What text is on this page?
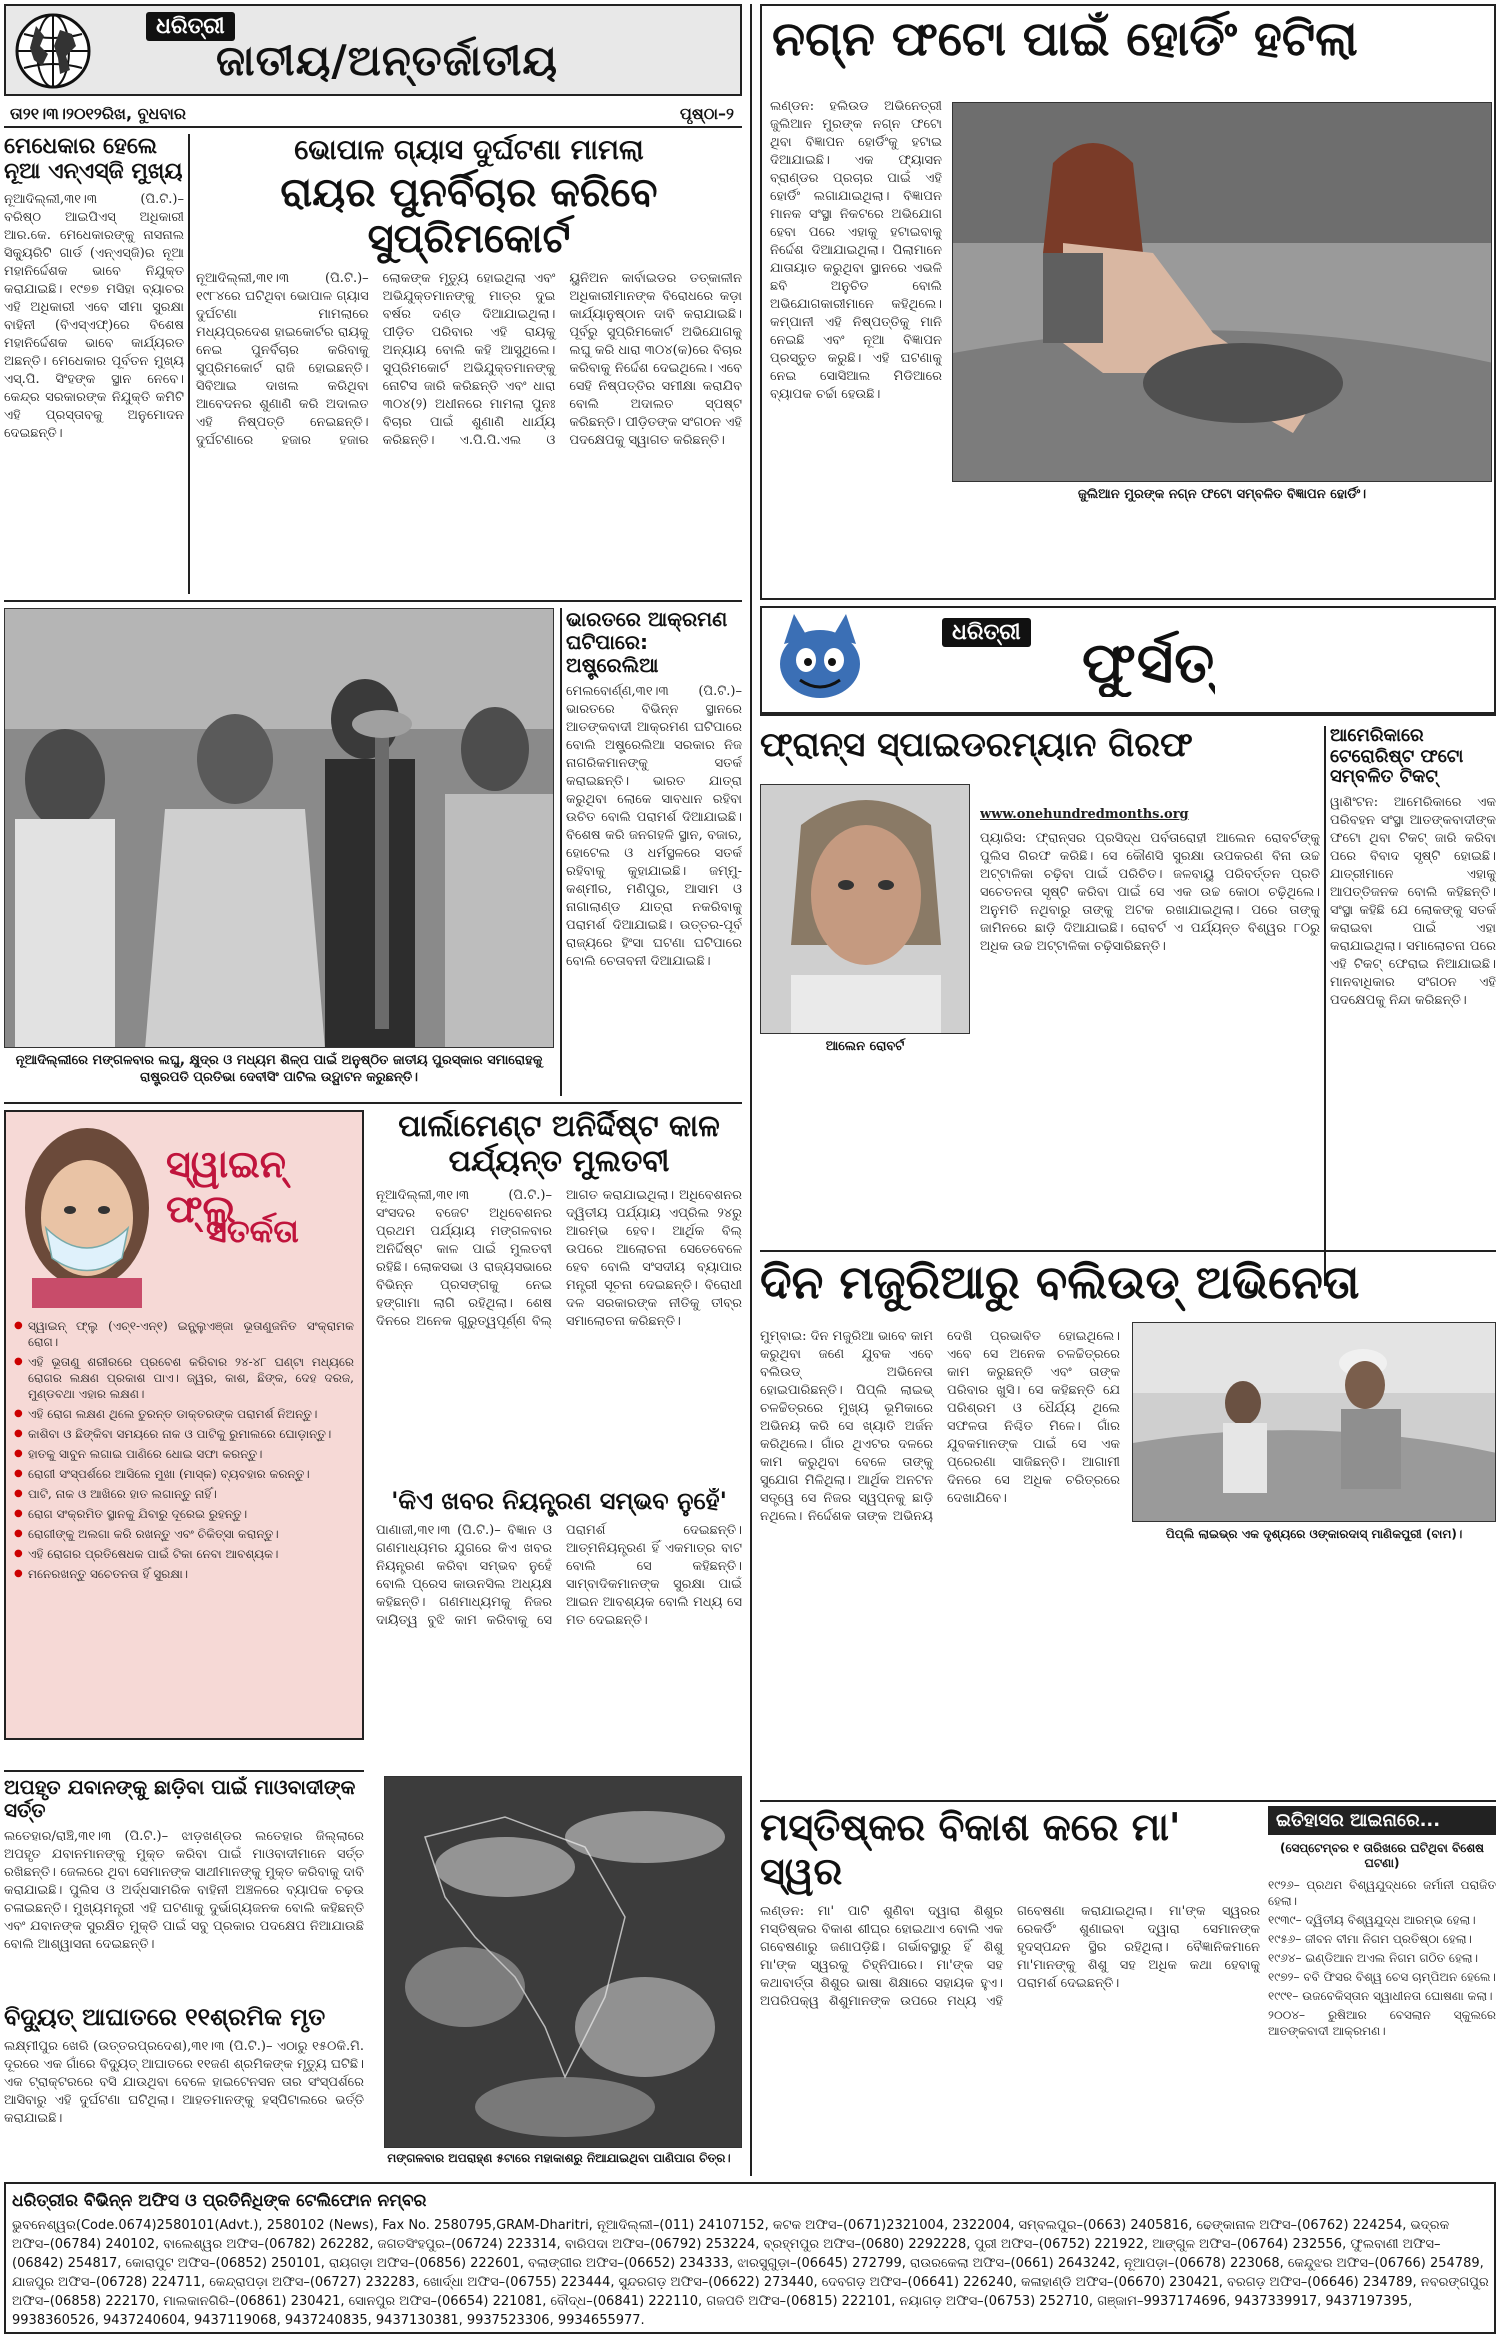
ଧରିତ୍ରୀ
ଜାତୀୟ/ଅନ୍ତର୍ଜାତୀୟ
ତା୨୧।୩।୨୦୧୨ରିଖ, ବୁଧବାର	ପୃଷ୍ଠା–୨
ମେଧେକାର ହେଲେ ନୂଆ ଏନ୍ଏସ୍ଜି ମୁଖ୍ୟ
ନୂଆଦିଲ୍ଲୀ,୩୧।୩ (ପି.ଟି.)– ବରିଷ୍ଠ ଆଇପିଏସ୍ ଅଧିକାରୀ ଆର.କେ. ମେଧେକାରଙ୍କୁ ନାସନାଲ ସିକ୍ୟୁରିଟି ଗାର୍ଡ (ଏନ୍ଏସ୍ଜି)ର ନୂଆ ମହାନିର୍ଦ୍ଦେଶକ ଭାବେ ନିଯୁକ୍ତ କରାଯାଇଛି। ୧୯୭୭ ମସିହା ବ୍ୟାଚର ଏହି ଅଧିକାରୀ ଏବେ ସୀମା ସୁରକ୍ଷା ବାହିନୀ (ବିଏସ୍ଏଫ୍)ରେ ବିଶେଷ ମହାନିର୍ଦ୍ଦେଶକ ଭାବେ କାର୍ଯ୍ୟରତ ଅଛନ୍ତି। ମେଧେକାର ପୂର୍ବତନ ମୁଖ୍ୟ ଏସ୍.ପି. ସିଂହଙ୍କ ସ୍ଥାନ ନେବେ। କେନ୍ଦ୍ର ସରକାରଙ୍କ ନିଯୁକ୍ତି କମିଟି ଏହି ପ୍ରସ୍ତାବକୁ ଅନୁମୋଦନ ଦେଇଛନ୍ତି।
ଭୋପାଳ ଗ୍ୟାସ ଦୁର୍ଘଟଣା ମାମଲା
ରାୟର ପୁନର୍ବିଚାର କରିବେ ସୁପ୍ରିମକୋର୍ଟ
ନୂଆଦିଲ୍ଲୀ,୩୧।୩ (ପି.ଟି.)– ୧୯୮୪ରେ ଘଟିଥିବା ଭୋପାଳ ଗ୍ୟାସ ଦୁର୍ଘଟଣା ମାମଲାରେ ମଧ୍ୟପ୍ରଦେଶ ହାଇକୋର୍ଟର ରାୟକୁ ନେଇ ପୁନର୍ବିଚାର କରିବାକୁ ସୁପ୍ରିମକୋର୍ଟ ରାଜି ହୋଇଛନ୍ତି। ସିବିଆଇ ଦାଖଲ କରିଥିବା ଆବେଦନର ଶୁଣାଣି କରି ଅଦାଲତ ଏହି ନିଷ୍ପତ୍ତି ନେଇଛନ୍ତି। ଦୁର୍ଘଟଣାରେ ହଜାର ହଜାର ଲୋକଙ୍କ ମୃତ୍ୟୁ ହୋଇଥିଲା ଏବଂ ଅଭିଯୁକ୍ତମାନଙ୍କୁ ମାତ୍ର ଦୁଇ ବର୍ଷର ଦଣ୍ଡ ଦିଆଯାଇଥିଲା। ପୀଡ଼ିତ ପରିବାର ଏହି ରାୟକୁ ଅନ୍ୟାୟ ବୋଲି କହି ଆସୁଥିଲେ। ସୁପ୍ରିମକୋର୍ଟ ଅଭିଯୁକ୍ତମାନଙ୍କୁ ନୋଟିସ ଜାରି କରିଛନ୍ତି ଏବଂ ଧାରା ୩୦୪(୨) ଅଧୀନରେ ମାମଲା ପୁନଃ ବିଚାର ପାଇଁ ଶୁଣାଣି ଧାର୍ଯ୍ୟ କରିଛନ୍ତି। ଏ.ପି.ପି.ଏଲ ଓ ୟୁନିଅନ କାର୍ବାଇଡର ତତ୍କାଳୀନ ଅଧିକାରୀମାନଙ୍କ ବିରୋଧରେ କଡ଼ା କାର୍ଯ୍ୟାନୁଷ୍ଠାନ ଦାବି କରାଯାଇଛି। ପୂର୍ବରୁ ସୁପ୍ରିମକୋର୍ଟ ଅଭିଯୋଗକୁ ଲଘୁ କରି ଧାରା ୩୦୪(କ)ରେ ବିଚାର କରିବାକୁ ନିର୍ଦ୍ଦେଶ ଦେଇଥିଲେ। ଏବେ ସେହି ନିଷ୍ପତ୍ତିର ସମୀକ୍ଷା କରାଯିବ ବୋଲି ଅଦାଲତ ସ୍ପଷ୍ଟ କରିଛନ୍ତି। ପୀଡ଼ିତଙ୍କ ସଂଗଠନ ଏହି ପଦକ୍ଷେପକୁ ସ୍ୱାଗତ କରିଛନ୍ତି।
ନୂଆଦିଲ୍ଲୀରେ ମଙ୍ଗଳବାର ଲଘୁ, କ୍ଷୁଦ୍ର ଓ ମଧ୍ୟମ ଶିଳ୍ପ ପାଇଁ ଅନୁଷ୍ଠିତ ଜାତୀୟ ପୁରସ୍କାର ସମାରୋହକୁ ରାଷ୍ଟ୍ରପତି ପ୍ରତିଭା ଦେବୀସିଂ ପାଟିଲ ଉଦ୍ଘାଟନ କରୁଛନ୍ତି।
ଭାରତରେ ଆକ୍ରମଣ ଘଟିପାରେ: ଅଷ୍ଟ୍ରେଲିଆ
ମେଲବୋର୍ଣ୍ଣ,୩୧।୩ (ପି.ଟି.)– ଭାରତରେ ବିଭିନ୍ନ ସ୍ଥାନରେ ଆତଙ୍କବାଦୀ ଆକ୍ରମଣ ଘଟିପାରେ ବୋଲି ଅଷ୍ଟ୍ରେଲିଆ ସରକାର ନିଜ ନାଗରିକମାନଙ୍କୁ ସତର୍କ କରାଇଛନ୍ତି। ଭାରତ ଯାତ୍ରା କରୁଥିବା ଲୋକେ ସାବଧାନ ରହିବା ଉଚିତ ବୋଲି ପରାମର୍ଶ ଦିଆଯାଇଛି। ବିଶେଷ କରି ଜନଗହଳି ସ୍ଥାନ, ବଜାର, ହୋଟେଲ ଓ ଧର୍ମସ୍ଥଳରେ ସତର୍କ ରହିବାକୁ କୁହାଯାଇଛି। ଜମ୍ମୁ-କଶ୍ମୀର, ମଣିପୁର, ଆସାମ ଓ ନାଗାଲାଣ୍ଡ ଯାତ୍ରା ନକରିବାକୁ ପରାମର୍ଶ ଦିଆଯାଇଛି। ଉତ୍ତର-ପୂର୍ବ ରାଜ୍ୟରେ ହିଂସା ଘଟଣା ଘଟିପାରେ ବୋଲି ଚେତାବନୀ ଦିଆଯାଇଛି।
ସ୍ୱାଇନ୍ ଫ୍ଲୁ
ସତର୍କତା
● ସ୍ୱାଇନ୍ ଫ୍ଲୁ (ଏଚ୍୧-ଏନ୍୧) ଇନ୍ଫ୍ଲୁଏଞ୍ଜା ଭୂତାଣୁଜନିତ ସଂକ୍ରାମକ ରୋଗ।
● ଏହି ଭୂତାଣୁ ଶରୀରରେ ପ୍ରବେଶ କରିବାର ୨୪-୪୮ ଘଣ୍ଟା ମଧ୍ୟରେ ରୋଗର ଲକ୍ଷଣ ପ୍ରକାଶ ପାଏ। ଜ୍ୱର, କାଶ, ଛିଙ୍କ, ଦେହ ଦରଜ, ମୁଣ୍ଡବଥା ଏହାର ଲକ୍ଷଣ।
● ଏହି ରୋଗ ଲକ୍ଷଣ ଥିଲେ ତୁରନ୍ତ ଡାକ୍ତରଙ୍କ ପରାମର୍ଶ ନିଅନ୍ତୁ।
● କାଶିବା ଓ ଛିଙ୍କିବା ସମୟରେ ନାକ ଓ ପାଟିକୁ ରୁମାଲରେ ଘୋଡ଼ାନ୍ତୁ।
● ହାତକୁ ସାବୁନ ଲଗାଇ ପାଣିରେ ଧୋଇ ସଫା କରନ୍ତୁ।
● ରୋଗୀ ସଂସ୍ପର୍ଶରେ ଆସିଲେ ମୁଖା (ମାସ୍କ) ବ୍ୟବହାର କରନ୍ତୁ।
● ପାଟି, ନାକ ଓ ଆଖିରେ ହାତ ଲଗାନ୍ତୁ ନାହିଁ।
● ରୋଗ ସଂକ୍ରମିତ ସ୍ଥାନକୁ ଯିବାରୁ ଦୂରେଇ ରୁହନ୍ତୁ।
● ରୋଗୀଙ୍କୁ ଅଲଗା କରି ରଖନ୍ତୁ ଏବଂ ଚିକିତ୍ସା କରାନ୍ତୁ।
● ଏହି ରୋଗର ପ୍ରତିଷେଧକ ପାଇଁ ଟିକା ନେବା ଆବଶ୍ୟକ।
● ମନେରଖନ୍ତୁ ସଚେତନତା ହିଁ ସୁରକ୍ଷା।
ପାର୍ଲାମେଣ୍ଟ ଅନିର୍ଦ୍ଦିଷ୍ଟ କାଳ ପର୍ଯ୍ୟନ୍ତ ମୁଲତବୀ
ନୂଆଦିଲ୍ଲୀ,୩୧।୩ (ପି.ଟି.)– ସଂସଦର ବଜେଟ ଅଧିବେଶନର ପ୍ରଥମ ପର୍ଯ୍ୟାୟ ମଙ୍ଗଳବାର ଅନିର୍ଦ୍ଦିଷ୍ଟ କାଳ ପାଇଁ ମୁଲତବୀ ରହିଛି। ଲୋକସଭା ଓ ରାଜ୍ୟସଭାରେ ବିଭିନ୍ନ ପ୍ରସଙ୍ଗକୁ ନେଇ ହଙ୍ଗାମା ଲାଗି ରହିଥିଲା। ଶେଷ ଦିନରେ ଅନେକ ଗୁରୁତ୍ୱପୂର୍ଣ୍ଣ ବିଲ୍ ଆଗତ କରାଯାଇଥିଲା। ଅଧିବେଶନର ଦ୍ୱିତୀୟ ପର୍ଯ୍ୟାୟ ଏପ୍ରିଲ ୨୪ରୁ ଆରମ୍ଭ ହେବ। ଆର୍ଥିକ ବିଲ୍ ଉପରେ ଆଲୋଚନା ସେତେବେଳେ ହେବ ବୋଲି ସଂସଦୀୟ ବ୍ୟାପାର ମନ୍ତ୍ରୀ ସୂଚନା ଦେଇଛନ୍ତି। ବିରୋଧୀ ଦଳ ସରକାରଙ୍କ ନୀତିକୁ ତୀବ୍ର ସମାଲୋଚନା କରିଛନ୍ତି।
'କିଏ ଖବର ନିୟନ୍ତ୍ରଣ ସମ୍ଭବ ନୁହେଁ'
ପାଣାଜୀ,୩୧।୩ (ପି.ଟି.)– ବିଜ୍ଞାନ ଓ ଗଣମାଧ୍ୟମର ଯୁଗରେ କିଏ ଖବର ନିୟନ୍ତ୍ରଣ କରିବା ସମ୍ଭବ ନୁହେଁ ବୋଲି ପ୍ରେସ କାଉନସିଲ ଅଧ୍ୟକ୍ଷ କହିଛନ୍ତି। ଗଣମାଧ୍ୟମକୁ ନିଜର ଦାୟିତ୍ୱ ବୁଝି କାମ କରିବାକୁ ସେ ପରାମର୍ଶ ଦେଇଛନ୍ତି। ଆତ୍ମନିୟନ୍ତ୍ରଣ ହିଁ ଏକମାତ୍ର ବାଟ ବୋଲି ସେ କହିଛନ୍ତି। ସାମ୍ବାଦିକମାନଙ୍କ ସୁରକ୍ଷା ପାଇଁ ଆଇନ ଆବଶ୍ୟକ ବୋଲି ମଧ୍ୟ ସେ ମତ ଦେଇଛନ୍ତି।
ଅପହୃତ ଯବାନଙ୍କୁ ଛାଡ଼ିବା ପାଇଁ ମାଓବାଦୀଙ୍କ ସର୍ତ୍ତ
ଲତେହାର/ରାଞ୍ଚି,୩୧।୩ (ପି.ଟି.)– ଝାଡ଼ଖଣ୍ଡର ଲତେହାର ଜିଲ୍ଲାରେ ଅପହୃତ ଯବାନମାନଙ୍କୁ ମୁକ୍ତ କରିବା ପାଇଁ ମାଓବାଦୀମାନେ ସର୍ତ୍ତ ରଖିଛନ୍ତି। ଜେଲରେ ଥିବା ସେମାନଙ୍କ ସାଥୀମାନଙ୍କୁ ମୁକ୍ତ କରିବାକୁ ଦାବି କରାଯାଇଛି। ପୁଲିସ ଓ ଅର୍ଦ୍ଧସାମରିକ ବାହିନୀ ଅଞ୍ଚଳରେ ବ୍ୟାପକ ଚଢ଼ଉ ଚଳାଇଛନ୍ତି। ମୁଖ୍ୟମନ୍ତ୍ରୀ ଏହି ଘଟଣାକୁ ଦୁର୍ଭାଗ୍ୟଜନକ ବୋଲି କହିଛନ୍ତି ଏବଂ ଯବାନଙ୍କ ସୁରକ୍ଷିତ ମୁକ୍ତି ପାଇଁ ସବୁ ପ୍ରକାର ପଦକ୍ଷେପ ନିଆଯାଉଛି ବୋଲି ଆଶ୍ୱାସନା ଦେଇଛନ୍ତି।
ବିଦ୍ୟୁତ୍ ଆଘାତରେ ୧୧ଶ୍ରମିକ ମୃତ
ଲକ୍ଷ୍ମୀପୁର ଖେରି (ଉତ୍ତରପ୍ରଦେଶ),୩୧।୩ (ପି.ଟି.)– ଏଠାରୁ ୧୫୦କି.ମି. ଦୂରରେ ଏକ ଗାଁରେ ବିଦ୍ୟୁତ୍ ଆଘାତରେ ୧୧ଜଣ ଶ୍ରମିକଙ୍କ ମୃତ୍ୟୁ ଘଟିଛି। ଏକ ଟ୍ରାକ୍ଟରରେ ବସି ଯାଉଥିବା ବେଳେ ହାଇଟେନସନ ତାର ସଂସ୍ପର୍ଶରେ ଆସିବାରୁ ଏହି ଦୁର୍ଘଟଣା ଘଟିଥିଲା। ଆହତମାନଙ୍କୁ ହସ୍ପିଟାଲରେ ଭର୍ତ୍ତି କରାଯାଇଛି।
ମଙ୍ଗଳବାର ଅପରାହ୍ଣ ୫ଟାରେ ମହାକାଶରୁ ନିଆଯାଇଥିବା ପାଣିପାଗ ଚିତ୍ର।
ନଗ୍ନ ଫଟୋ ପାଇଁ ହୋର୍ଡିଂ ହଟିଲା
ଲଣ୍ଡନ: ହଲିଉଡ ଅଭିନେତ୍ରୀ ଜୁଲିଆନ ମୁରଙ୍କ ନଗ୍ନ ଫଟୋ ଥିବା ବିଜ୍ଞାପନ ହୋର୍ଡିଂକୁ ହଟାଇ ଦିଆଯାଇଛି। ଏକ ଫ୍ୟାସନ ବ୍ରାଣ୍ଡର ପ୍ରଚାର ପାଇଁ ଏହି ହୋର୍ଡିଂ ଲଗାଯାଇଥିଲା। ବିଜ୍ଞାପନ ମାନକ ସଂସ୍ଥା ନିକଟରେ ଅଭିଯୋଗ ହେବା ପରେ ଏହାକୁ ହଟାଇବାକୁ ନିର୍ଦ୍ଦେଶ ଦିଆଯାଇଥିଲା। ପିଲାମାନେ ଯାତାୟାତ କରୁଥିବା ସ୍ଥାନରେ ଏଭଳି ଛବି ଅନୁଚିତ ବୋଲି ଅଭିଯୋଗକାରୀମାନେ କହିଥିଲେ। କମ୍ପାନୀ ଏହି ନିଷ୍ପତ୍ତିକୁ ମାନି ନେଇଛି ଏବଂ ନୂଆ ବିଜ୍ଞାପନ ପ୍ରସ୍ତୁତ କରୁଛି। ଏହି ଘଟଣାକୁ ନେଇ ସୋସିଆଲ ମିଡିଆରେ ବ୍ୟାପକ ଚର୍ଚ୍ଚା ହେଉଛି।
ଜୁଲିଆନ ମୁରଙ୍କ ନଗ୍ନ ଫଟୋ ସମ୍ବଳିତ ବିଜ୍ଞାପନ ହୋର୍ଡିଂ।
ଧରିତ୍ରୀ ଫୁର୍ସତ୍
ଫ୍ରାନ୍ସ ସ୍ପାଇଡରମ୍ୟାନ ଗିରଫ
ଆଲେନ ରୋବର୍ଟ
www.onehundredmonths.org
ପ୍ୟାରିସ: ଫ୍ରାନ୍ସର ପ୍ରସିଦ୍ଧ ପର୍ବତାରୋହୀ ଆଲେନ ରୋବର୍ଟଙ୍କୁ ପୁଲିସ ଗିରଫ କରିଛି। ସେ କୌଣସି ସୁରକ୍ଷା ଉପକରଣ ବିନା ଉଚ୍ଚ ଅଟ୍ଟାଳିକା ଚଢ଼ିବା ପାଇଁ ପରିଚିତ। ଜଳବାୟୁ ପରିବର୍ତ୍ତନ ପ୍ରତି ସଚେତନତା ସୃଷ୍ଟି କରିବା ପାଇଁ ସେ ଏକ ଉଚ୍ଚ କୋଠା ଚଢ଼ିଥିଲେ। ଅନୁମତି ନଥିବାରୁ ତାଙ୍କୁ ଅଟକ ରଖାଯାଇଥିଲା। ପରେ ତାଙ୍କୁ ଜାମିନରେ ଛାଡ଼ି ଦିଆଯାଇଛି। ରୋବର୍ଟ ଏ ପର୍ଯ୍ୟନ୍ତ ବିଶ୍ୱର ୮୦ରୁ ଅଧିକ ଉଚ୍ଚ ଅଟ୍ଟାଳିକା ଚଢ଼ିସାରିଛନ୍ତି।
ଆମେରିକାରେ ଟେରୋରିଷ୍ଟ ଫଟୋ ସମ୍ବଳିତ ଟିକଟ୍
ୱାଶିଂଟନ: ଆମେରିକାରେ ଏକ ପରିବହନ ସଂସ୍ଥା ଆତଙ୍କବାଦୀଙ୍କ ଫଟୋ ଥିବା ଟିକଟ୍ ଜାରି କରିବା ପରେ ବିବାଦ ସୃଷ୍ଟି ହୋଇଛି। ଯାତ୍ରୀମାନେ ଏହାକୁ ଆପତ୍ତିଜନକ ବୋଲି କହିଛନ୍ତି। ସଂସ୍ଥା କହିଛି ଯେ ଲୋକଙ୍କୁ ସତର୍କ କରାଇବା ପାଇଁ ଏହା କରାଯାଇଥିଲା। ସମାଲୋଚନା ପରେ ଏହି ଟିକଟ୍ ଫେରାଇ ନିଆଯାଇଛି। ମାନବାଧିକାର ସଂଗଠନ ଏହି ପଦକ୍ଷେପକୁ ନିନ୍ଦା କରିଛନ୍ତି।
ଦିନ ମଜୁରିଆରୁ ବଲିଉଡ୍ ଅଭିନେତା
ମୁମ୍ବାଇ: ଦିନ ମଜୁରିଆ ଭାବେ କାମ କରୁଥିବା ଜଣେ ଯୁବକ ଏବେ ବଲିଉଡ୍ ଅଭିନେତା ହୋଇପାରିଛନ୍ତି। ପିପ୍ଲି ଲାଇଭ୍ ଚଳଚ୍ଚିତ୍ରରେ ମୁଖ୍ୟ ଭୂମିକାରେ ଅଭିନୟ କରି ସେ ଖ୍ୟାତି ଅର୍ଜନ କରିଥିଲେ। ଗାଁର ଥିଏଟର ଦଳରେ କାମ କରୁଥିବା ବେଳେ ତାଙ୍କୁ ସୁଯୋଗ ମିଳିଥିଲା। ଆର୍ଥିକ ଅନଟନ ସତ୍ତ୍ୱେ ସେ ନିଜର ସ୍ୱପ୍ନକୁ ଛାଡ଼ି ନଥିଲେ। ନିର୍ଦ୍ଦେଶକ ତାଙ୍କ ଅଭିନୟ ଦେଖି ପ୍ରଭାବିତ ହୋଇଥିଲେ। ଏବେ ସେ ଅନେକ ଚଳଚ୍ଚିତ୍ରରେ କାମ କରୁଛନ୍ତି ଏବଂ ତାଙ୍କ ପରିବାର ଖୁସି। ସେ କହିଛନ୍ତି ଯେ ପରିଶ୍ରମ ଓ ଧୈର୍ଯ୍ୟ ଥିଲେ ସଫଳତା ନିଶ୍ଚିତ ମିଳେ। ଗାଁର ଯୁବକମାନଙ୍କ ପାଇଁ ସେ ଏକ ପ୍ରେରଣା ସାଜିଛନ୍ତି। ଆଗାମୀ ଦିନରେ ସେ ଅଧିକ ଚରିତ୍ରରେ ଦେଖାଯିବେ।
ପିପ୍ଲି ଲାଇଭ୍ର ଏକ ଦୃଶ୍ୟରେ ଓଙ୍କାରଦାସ୍ ମାଣିକପୁରୀ (ବାମ)।
ମସ୍ତିଷ୍କର ବିକାଶ କରେ ମା' ସ୍ୱର
ଲଣ୍ଡନ: ମା' ପାଟି ଶୁଣିବା ଦ୍ୱାରା ଶିଶୁର ମସ୍ତିଷ୍କର ବିକାଶ ଶୀଘ୍ର ହୋଇଥାଏ ବୋଲି ଏକ ଗବେଷଣାରୁ ଜଣାପଡ଼ିଛି। ଗର୍ଭାବସ୍ଥାରୁ ହିଁ ଶିଶୁ ମା'ଙ୍କ ସ୍ୱରକୁ ଚିହ୍ନିପାରେ। ମା'ଙ୍କ ସହ କଥାବାର୍ତ୍ତା ଶିଶୁର ଭାଷା ଶିକ୍ଷାରେ ସହାୟକ ହୁଏ। ଅପରିପକ୍ୱ ଶିଶୁମାନଙ୍କ ଉପରେ ମଧ୍ୟ ଏହି ଗବେଷଣା କରାଯାଇଥିଲା। ମା'ଙ୍କ ସ୍ୱରର ରେକର୍ଡିଂ ଶୁଣାଇବା ଦ୍ୱାରା ସେମାନଙ୍କ ହୃଦସ୍ପନ୍ଦନ ସ୍ଥିର ରହିଥିଲା। ବୈଜ୍ଞାନିକମାନେ ମା'ମାନଙ୍କୁ ଶିଶୁ ସହ ଅଧିକ କଥା ହେବାକୁ ପରାମର୍ଶ ଦେଇଛନ୍ତି।
ଇତିହାସର ଆଇନାରେ...
(ସେପ୍ଟେମ୍ବର ୧ ତାରିଖରେ ଘଟିଥିବା ବିଶେଷ ଘଟଣା)
୧୯୨୬– ପ୍ରଥମ ବିଶ୍ୱଯୁଦ୍ଧରେ ଜର୍ମାନୀ ପରାଜିତ ହେଲା।
୧୯୩୯– ଦ୍ୱିତୀୟ ବିଶ୍ୱଯୁଦ୍ଧ ଆରମ୍ଭ ହେଲା।
୧୯୫୬– ଜୀବନ ବୀମା ନିଗମ ପ୍ରତିଷ୍ଠା ହେଲା।
୧୯୬୪– ଇଣ୍ଡିଆନ ଅଏଲ ନିଗମ ଗଠିତ ହେଲା।
୧୯୭୨– ବବି ଫିସର ବିଶ୍ୱ ଚେସ ଚାମ୍ପିଅନ ହେଲେ।
୧୯୯୧– ଉଜବେକିସ୍ତାନ ସ୍ୱାଧୀନତା ଘୋଷଣା କଲା।
୨୦୦୪– ରୁଷିଆର ବେସଲାନ ସ୍କୁଲରେ ଆତଙ୍କବାଦୀ ଆକ୍ରମଣ।
ଧରିତ୍ରୀର ବିଭିନ୍ନ ଅଫିସ ଓ ପ୍ରତିନିଧିଙ୍କ ଟେଲିଫୋନ ନମ୍ବର
ଭୁବନେଶ୍ୱର(Code.0674)2580101(Advt.), 2580102 (News), Fax No. 2580795,GRAM-Dharitri, ନୂଆଦିଲ୍ଲୀ–(011) 24107152, କଟକ ଅଫିସ–(0671)2321004, 2322004, ସମ୍ବଲପୁର–(0663) 2405816, ଢେଙ୍କାନାଳ ଅଫିସ–(06762) 224254, ଭଦ୍ରକ ଅଫିସ–(06784) 240102, ବାଲେଶ୍ୱର ଅଫିସ–(06782) 262282, ଜଗତସିଂହପୁର–(06724) 223314, ବାରିପଦା ଅଫିସ–(06792) 253224, ବ୍ରହ୍ମପୁର ଅଫିସ–(0680) 2292228, ପୁରୀ ଅଫିସ–(06752) 221922, ଆଙ୍ଗୁଳ ଅଫିସ–(06764) 232556, ଫୁଲବାଣୀ ଅଫିସ–(06842) 254817, କୋରାପୁଟ ଅଫିସ–(06852) 250101, ରାୟଗଡ଼ା ଅଫିସ–(06856) 222601, ବଲାଙ୍ଗୀର ଅଫିସ–(06652) 234333, ଝାରସୁଗୁଡ଼ା–(06645) 272799, ରାଉରକେଲା ଅଫିସ–(0661) 2643242, ନୂଆପଡ଼ା–(06678) 223068, କେନ୍ଦୁଝର ଅଫିସ–(06766) 254789, ଯାଜପୁର ଅଫିସ–(06728) 224711, କେନ୍ଦ୍ରାପଡ଼ା ଅଫିସ–(06727) 232283, ଖୋର୍ଦ୍ଧା ଅଫିସ–(06755) 223444, ସୁନ୍ଦରଗଡ଼ ଅଫିସ–(06622) 273440, ଦେବଗଡ଼ ଅଫିସ–(06641) 226240, କଳାହାଣ୍ଡି ଅଫିସ–(06670) 230421, ବରଗଡ଼ ଅଫିସ–(06646) 234789, ନବରଙ୍ଗପୁର ଅଫିସ–(06858) 222170, ମାଲକାନଗିରି–(06861) 230421, ସୋନପୁର ଅଫିସ–(06654) 221081, ବୌଦ୍ଧ–(06841) 222110, ଗଜପତି ଅଫିସ–(06815) 222101, ନୟାଗଡ଼ ଅଫିସ–(06753) 252710, ଗଞ୍ଜାମ–9937174696, 9437339917, 9437197395, 9938360526, 9437240604, 9437119068, 9437240835, 9437130381, 9937523306, 9934655977.
